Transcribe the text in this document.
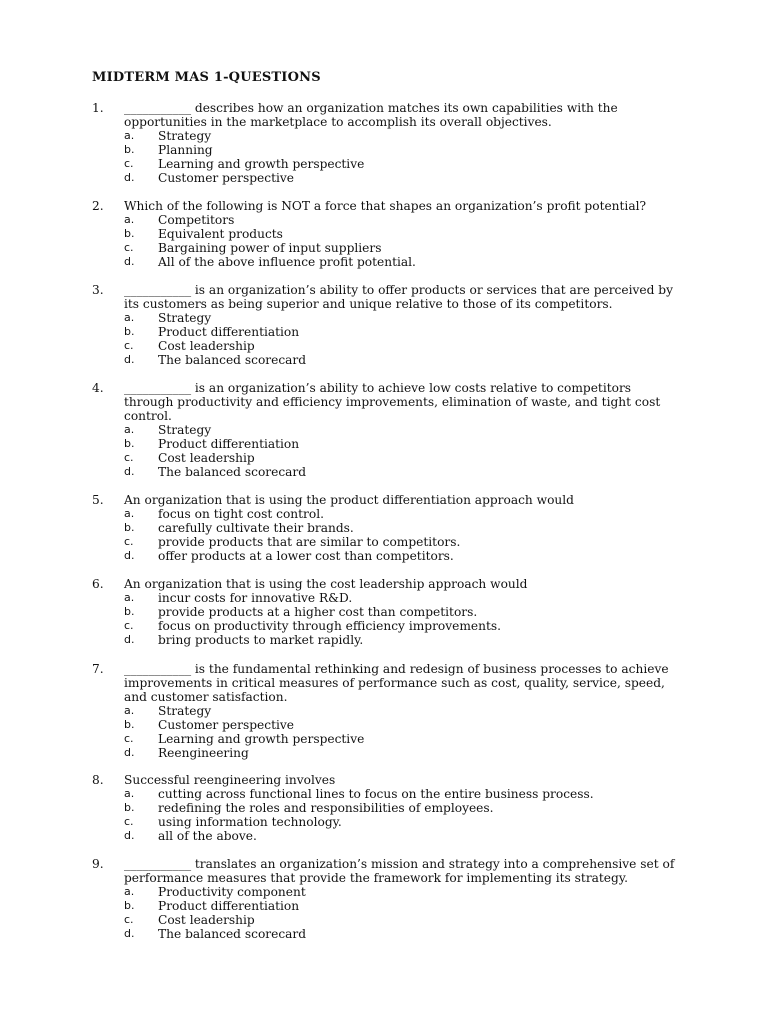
MIDTERM MAS 1-QUESTIONS
1. ___________ describes how an organization matches its own capabilities with the opportunities in the marketplace to accomplish its overall objectives.
a. Strategy
b. Planning
c. Learning and growth perspective
d. Customer perspective
2. Which of the following is NOT a force that shapes an organization’s profit potential?
a. Competitors
b. Equivalent products
c. Bargaining power of input suppliers
d. All of the above influence profit potential.
3. ___________ is an organization’s ability to offer products or services that are perceived by its customers as being superior and unique relative to those of its competitors.
a. Strategy
b. Product differentiation
c. Cost leadership
d. The balanced scorecard
4. ___________ is an organization’s ability to achieve low costs relative to competitors through productivity and efficiency improvements, elimination of waste, and tight cost control.
a. Strategy
b. Product differentiation
c. Cost leadership
d. The balanced scorecard
5. An organization that is using the product differentiation approach would
a. focus on tight cost control.
b. carefully cultivate their brands.
c. provide products that are similar to competitors.
d. offer products at a lower cost than competitors.
6. An organization that is using the cost leadership approach would
a. incur costs for innovative R&D.
b. provide products at a higher cost than competitors.
c. focus on productivity through efficiency improvements.
d. bring products to market rapidly.
7. ___________ is the fundamental rethinking and redesign of business processes to achieve improvements in critical measures of performance such as cost, quality, service, speed, and customer satisfaction.
a. Strategy
b. Customer perspective
c. Learning and growth perspective
d. Reengineering
8. Successful reengineering involves
a. cutting across functional lines to focus on the entire business process.
b. redefining the roles and responsibilities of employees.
c. using information technology.
d. all of the above.
9. ___________ translates an organization’s mission and strategy into a comprehensive set of performance measures that provide the framework for implementing its strategy.
a. Productivity component
b. Product differentiation
c. Cost leadership
d. The balanced scorecard
